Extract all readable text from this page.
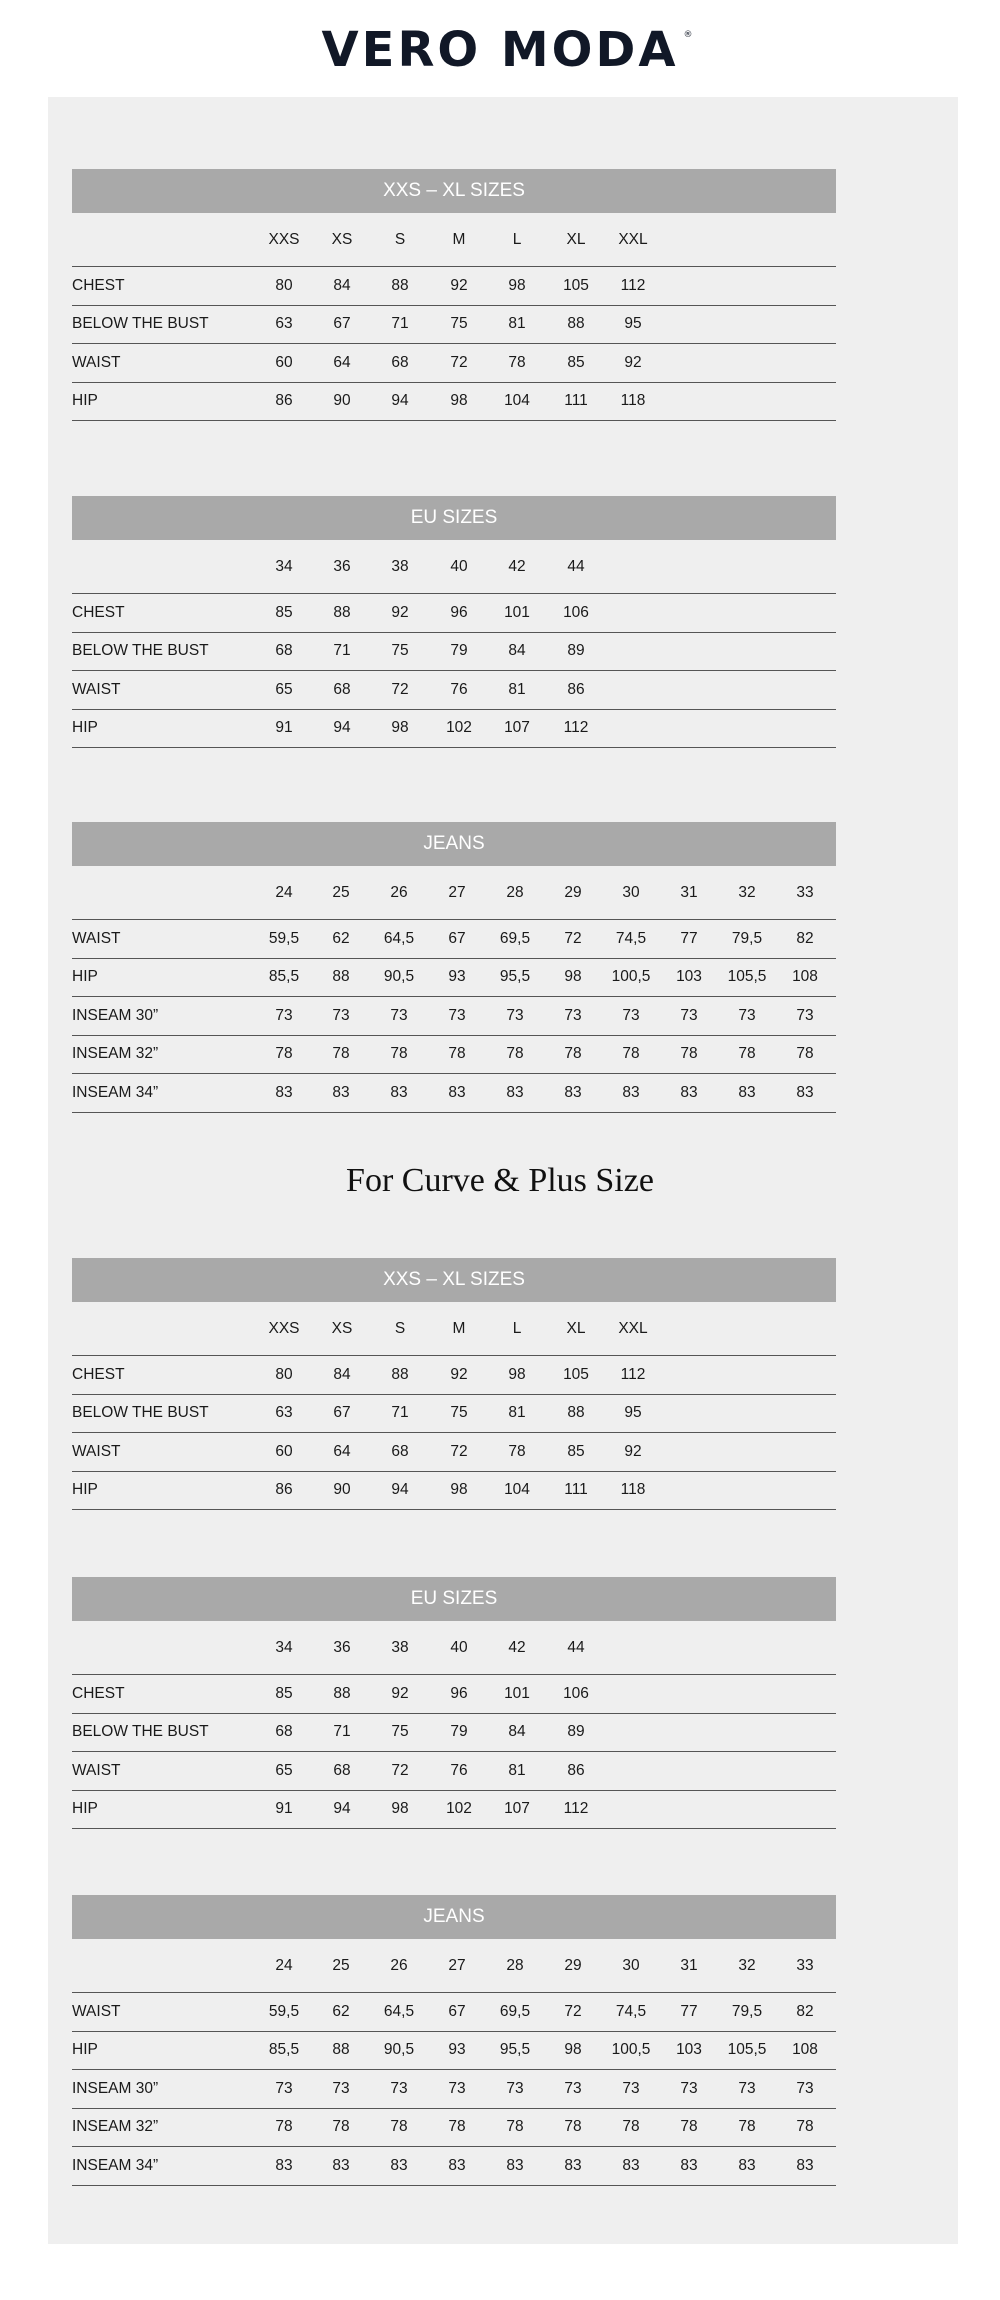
VERO MODA ®
For Curve & Plus Size
XXS – XL SIZES
XXS XS	S	M	L	XL XXL
CHEST	80	84	88	92	98 105 112
BELOW THE BUST	63	67	71	75	81	88	95
WAIST	60	64	68	72	78	85	92
HIP	86	90	94	98 104 111 118
EU SIZES
34	36	38	40	42	44
CHEST	85	88	92	96 101 106
BELOW THE BUST	68	71	75	79	84	89
WAIST	65	68	72	76	81	86
HIP	91	94	98 102 107 112
JEANS
24	25	26	27	28	29	30	31	32	33
WAIST	59,5 62 64,5 67 69,5 72 74,5 77 79,5 82
HIP	85,5 88 90,5 93 95,5 98 100,5 103 105,5 108
INSEAM 30”	73	73	73	73	73	73	73	73	73	73
INSEAM 32”	78	78	78	78	78	78	78	78	78	78
INSEAM 34”	83	83	83	83	83	83	83	83	83	83
XXS – XL SIZES
XXS XS	S	M	L	XL XXL
CHEST	80	84	88	92	98 105 112
BELOW THE BUST	63	67	71	75	81	88	95
WAIST	60	64	68	72	78	85	92
HIP	86	90	94	98 104 111 118
EU SIZES
34	36	38	40	42	44
CHEST	85	88	92	96 101 106
BELOW THE BUST	68	71	75	79	84	89
WAIST	65	68	72	76	81	86
HIP	91	94	98 102 107 112
JEANS
24	25	26	27	28	29	30	31	32	33
WAIST	59,5 62 64,5 67 69,5 72 74,5 77 79,5 82
HIP	85,5 88 90,5 93 95,5 98 100,5 103 105,5 108
INSEAM 30”	73	73	73	73	73	73	73	73	73	73
INSEAM 32”	78	78	78	78	78	78	78	78	78	78
INSEAM 34”	83	83	83	83	83	83	83	83	83	83
